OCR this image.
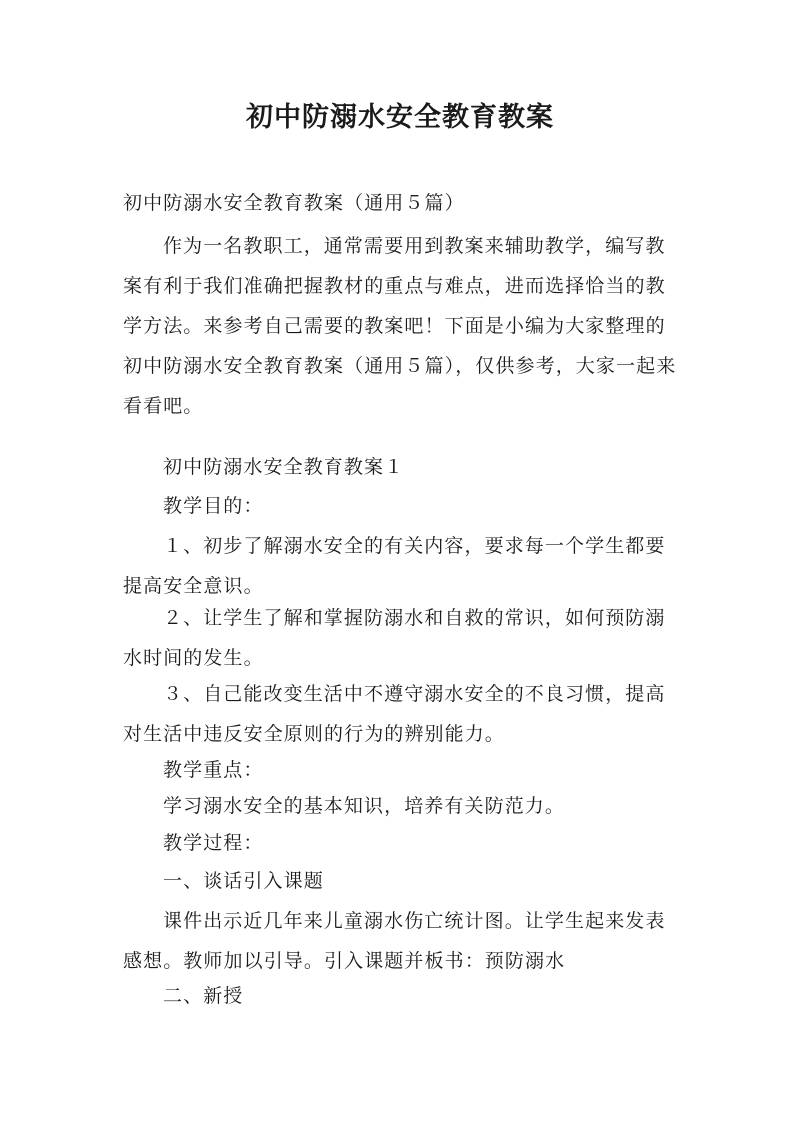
初中防溺水安全教育教案
初中防溺水安全教育教案（通用５篇）

作为一名教职工，通常需要用到教案来辅助教学，编写教案有利于我们准确把握教材的重点与难点，进而选择恰当的教学方法。来参考自己需要的教案吧！下面是小编为大家整理的初中防溺水安全教育教案（通用５篇），仅供参考，大家一起来看看吧。

初中防溺水安全教育教案１
教学目的：

１、初步了解溺水安全的有关内容，要求每一个学生都要提高安全意识。

２、让学生了解和掌握防溺水和自救的常识，如何预防溺水时间的发生。

３、自己能改变生活中不遵守溺水安全的不良习惯，提高对生活中违反安全原则的行为的辨别能力。

教学重点：
学习溺水安全的基本知识，培养有关防范力。
教学过程：
一、谈话引入课题

课件出示近几年来儿童溺水伤亡统计图。让学生起来发表感想。教师加以引导。引入课题并板书：预防溺水

二、新授
